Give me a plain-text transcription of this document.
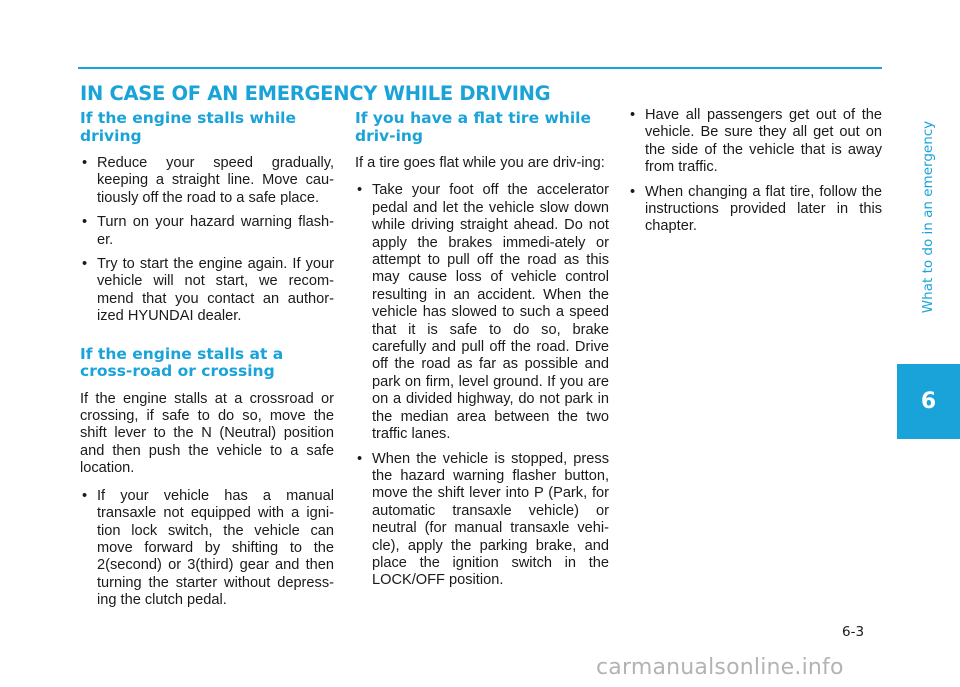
IN CASE OF AN EMERGENCY WHILE DRIVING
If the engine stalls while driving
• Reduce your speed gradually, keeping a straight line. Move cau-tiously off the road to a safe place.
• Turn on your hazard warning flash-er.
• Try to start the engine again. If your vehicle will not start, we recom-mend that you contact an author-ized HYUNDAI dealer.
If the engine stalls at a cross-road or crossing

If the engine stalls at a crossroad or crossing, if safe to do so, move the shift lever to the N (Neutral) position and then push the vehicle to a safe location.

• If your vehicle has a manual transaxle not equipped with a igni-tion lock switch, the vehicle can move forward by shifting to the 2(second) or 3(third) gear and then turning the starter without depress-ing the clutch pedal.
If you have a flat tire while driv-ing

If a tire goes flat while you are driv-ing:

• Take your foot off the accelerator pedal and let the vehicle slow down while driving straight ahead. Do not apply the brakes immedi-ately or attempt to pull off the road as this may cause loss of vehicle control resulting in an accident. When the vehicle has slowed to such a speed that it is safe to do so, brake carefully and pull off the road. Drive off the road as far as possible and park on firm, level ground. If you are on a divided highway, do not park in the median area between the two traffic lanes.
• When the vehicle is stopped, press the hazard warning flasher button, move the shift lever into P (Park, for automatic transaxle vehicle) or neutral (for manual transaxle vehi-cle), apply the parking brake, and place the ignition switch in the LOCK/OFF position.
• Have all passengers get out of the vehicle. Be sure they all get out on the side of the vehicle that is away from traffic.
• When changing a flat tire, follow the instructions provided later in this chapter.	What to do in an emergency
6
6-3
carmanualsonline.info
